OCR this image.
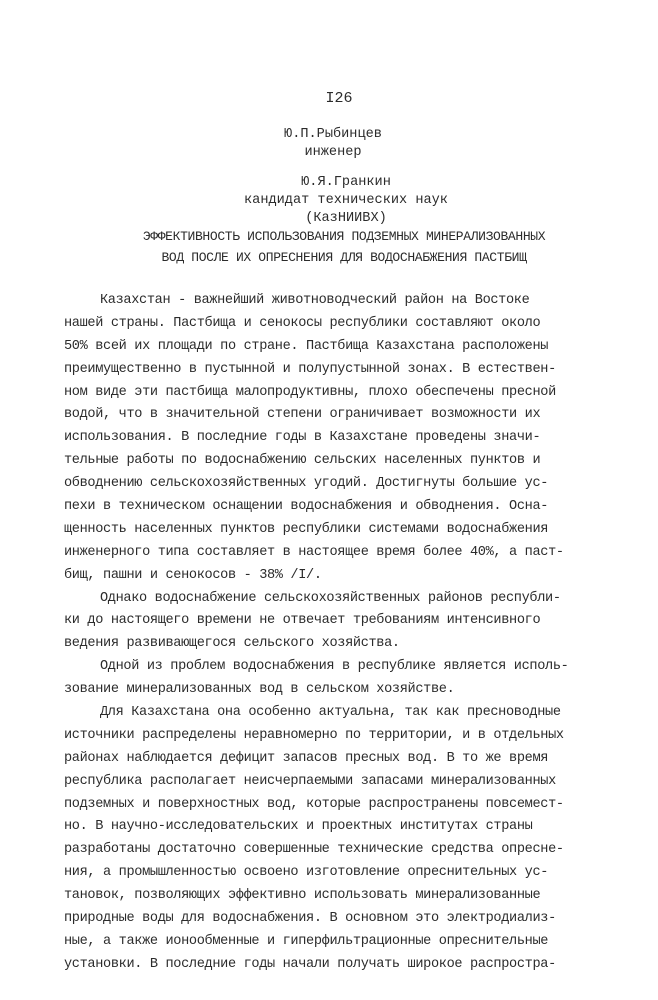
I26
Ю.П.Рыбинцев
инженер
Ю.Я.Гранкин
кандидат технических наук
(КазНИИВХ)
ЭФФЕКТИВНОСТЬ ИСПОЛЬЗОВАНИЯ ПОДЗЕМНЫХ МИНЕРАЛИЗОВАННЫХ
ВОД ПОСЛЕ ИХ ОПРЕСНЕНИЯ ДЛЯ ВОДОСНАБЖЕНИЯ ПАСТБИЩ
Казахстан - важнейший животноводческий район на Востоке
нашей страны. Пастбища и сенокосы республики составляют около
50% всей их площади по стране. Пастбища Казахстана расположены
преимущественно в пустынной и полупустынной зонах. В естествен-
ном виде эти пастбища малопродуктивны, плохо обеспечены пресной
водой, что в значительной степени ограничивает возможности их
использования. В последние годы в Казахстане проведены значи-
тельные работы по водоснабжению сельских населенных пунктов и
обводнению сельскохозяйственных угодий. Достигнуты большие ус-
пехи в техническом оснащении водоснабжения и обводнения. Осна-
щенность населенных пунктов республики системами водоснабжения
инженерного типа составляет в настоящее время более 40%, а паст-
бищ, пашни и сенокосов - 38% /I/.
Однако водоснабжение сельскохозяйственных районов республи-
ки до настоящего времени не отвечает требованиям интенсивного
ведения развивающегося сельского хозяйства.
Одной из проблем водоснабжения в республике является исполь-
зование минерализованных вод в сельском хозяйстве.
Для Казахстана она особенно актуальна, так как пресноводные
источники распределены неравномерно по территории, и в отдельных
районах наблюдается дефицит запасов пресных вод. В то же время
республика располагает неисчерпаемыми запасами минерализованных
подземных и поверхностных вод, которые распространены повсемест-
но. В научно-исследовательских и проектных институтах страны
разработаны достаточно совершенные технические средства опресне-
ния, а промышленностью освоено изготовление опреснительных ус-
тановок, позволяющих эффективно использовать минерализованные
природные воды для водоснабжения. В основном это электродиализ-
ные, а также ионообменные и гиперфильтрационные опреснительные
установки. В последние годы начали получать широкое распростра-
